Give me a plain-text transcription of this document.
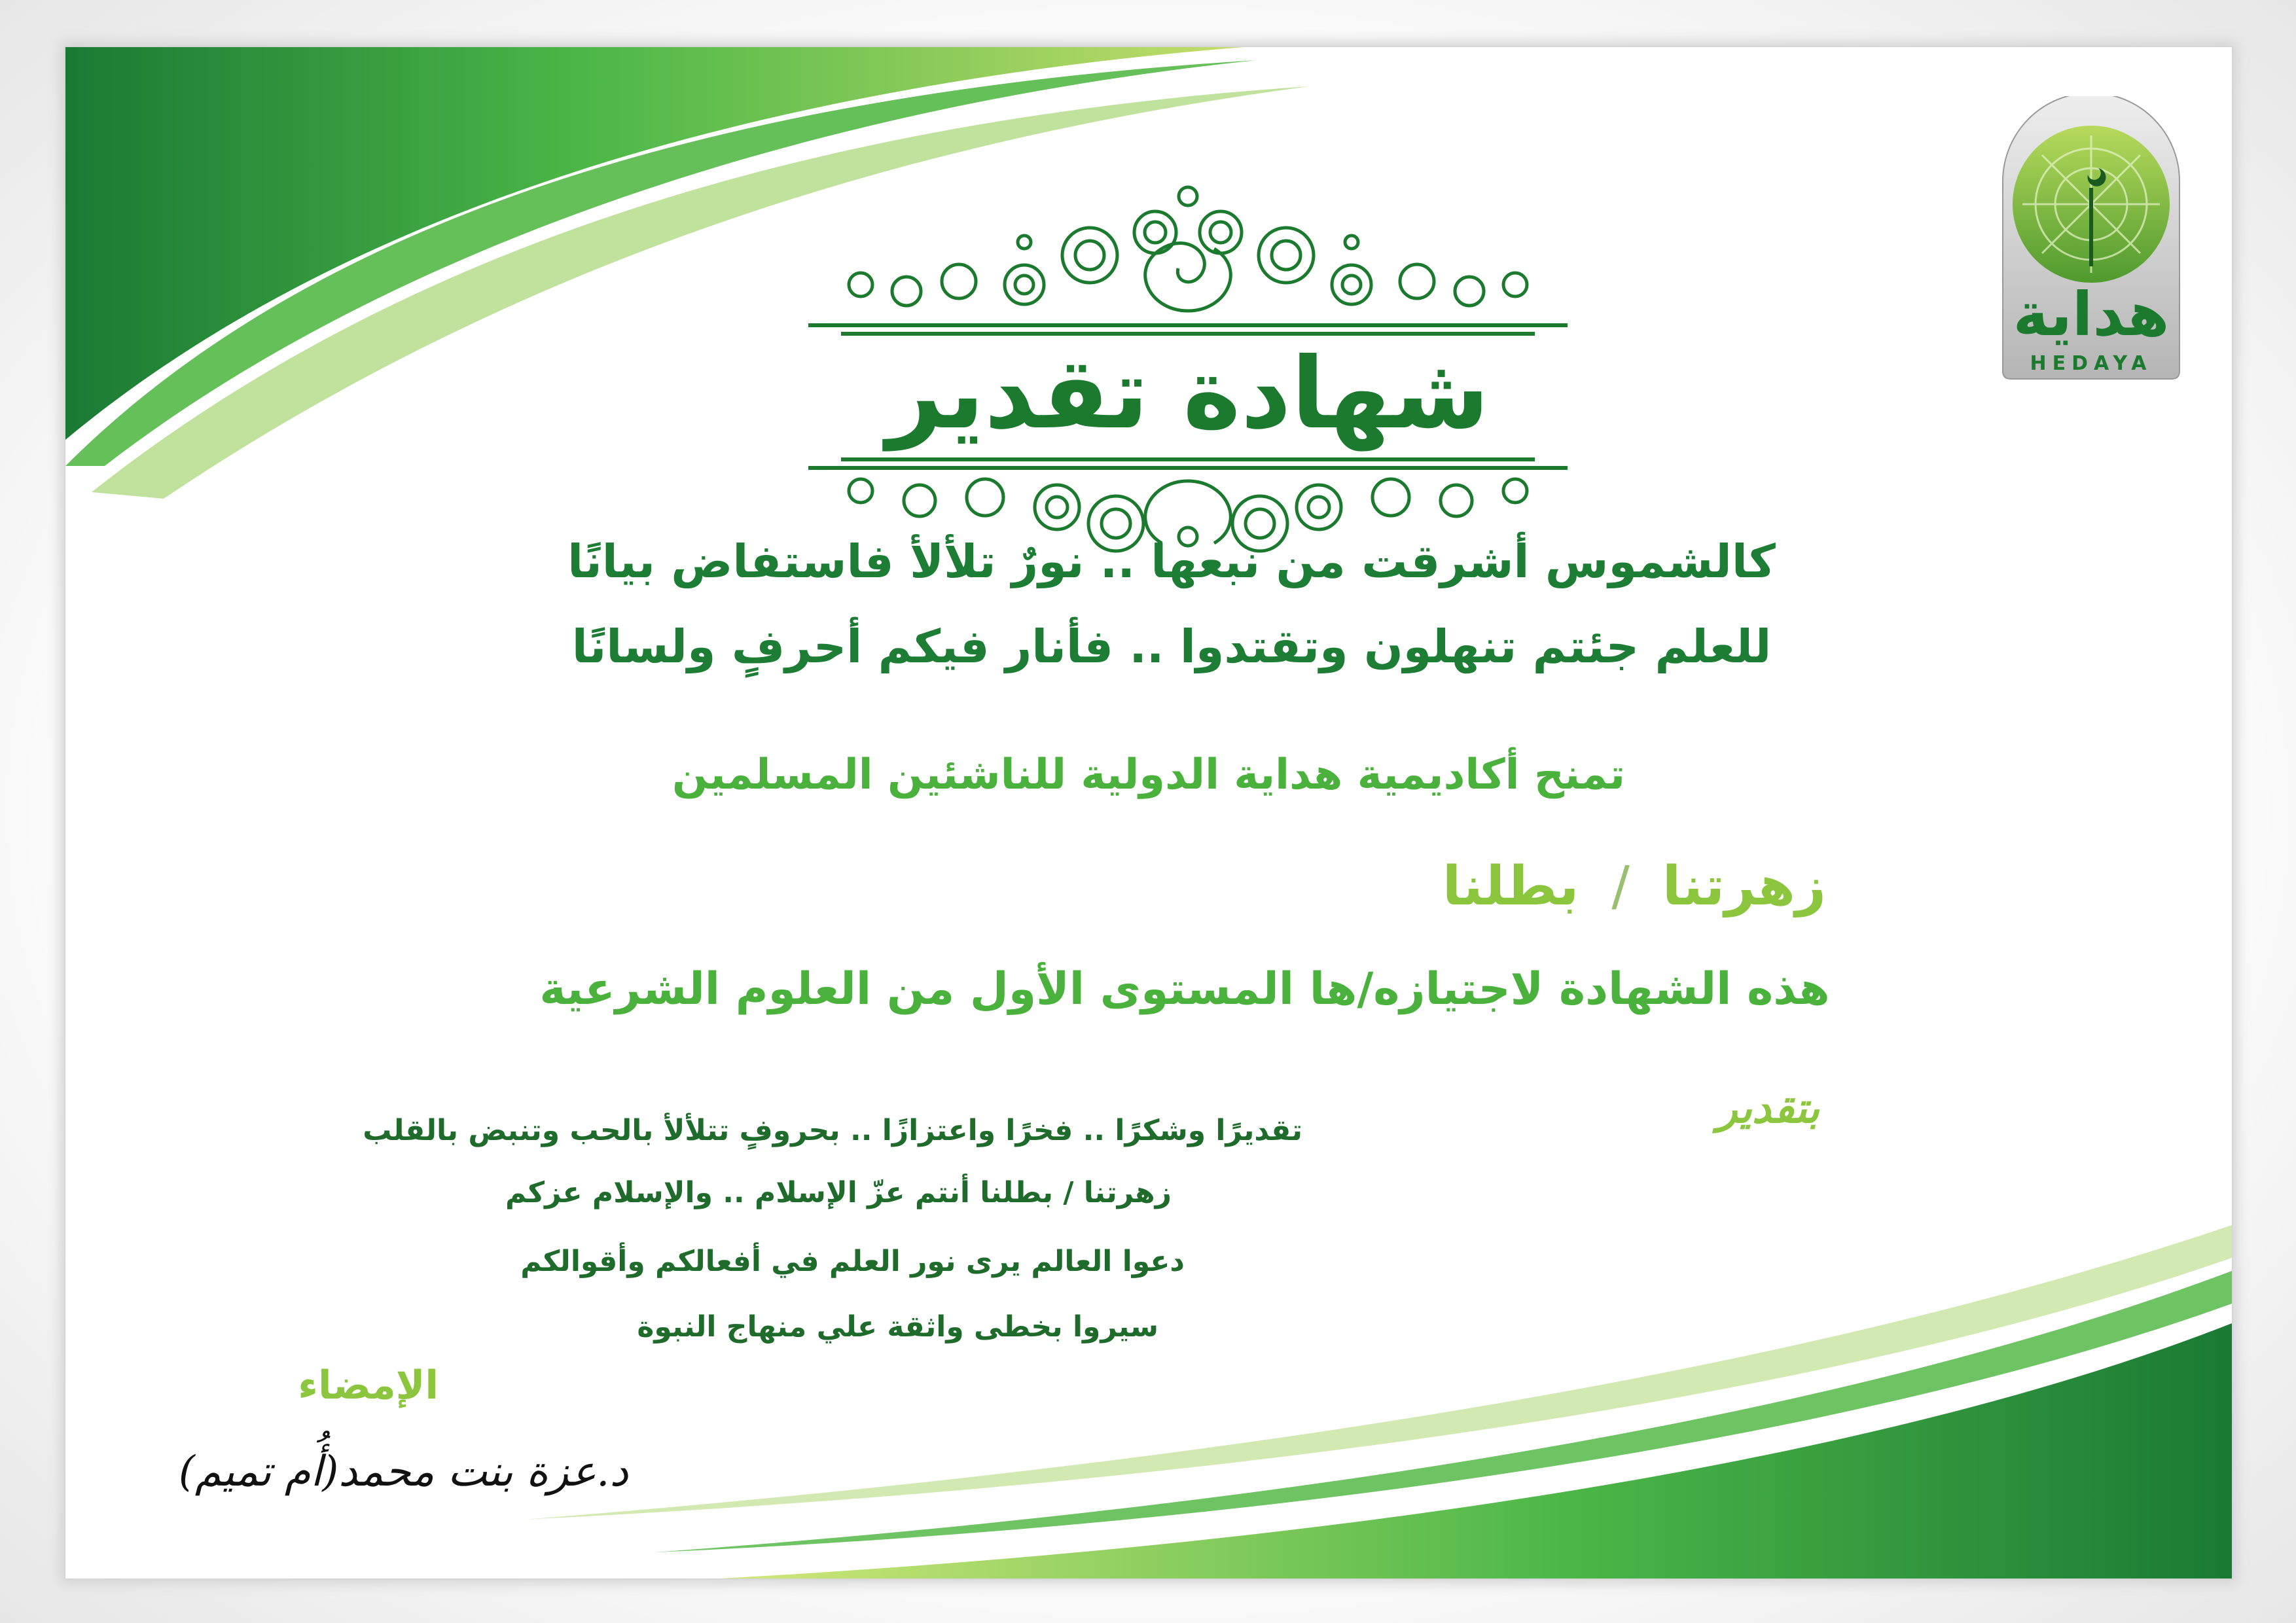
هداية
HEDAYA
شهادة تقدير
كالشموس أشرقت من نبعها .. نورٌ تلألأ فاستفاض بيانًا
للعلم جئتم تنهلون وتقتدوا .. فأنار فيكم أحرفٍ ولسانًا
تمنح أكاديمية هداية الدولية للناشئين المسلمين
زهرتنا/بطلنا
هذه الشهادة لاجتيازه/ها المستوى الأول من العلوم الشرعية
بتقدير
تقديرًا وشكرًا .. فخرًا واعتزازًا .. بحروفٍ تتلألأ بالحب وتنبض بالقلب
زهرتنا / بطلنا أنتم عزّ الإسلام .. والإسلام عزكم
دعوا العالم يرى نور العلم في أفعالكم وأقوالكم
سيروا بخطى واثقة علي منهاج النبوة
الإمضاء
د.عزة بنت محمد(أُم تميم)
